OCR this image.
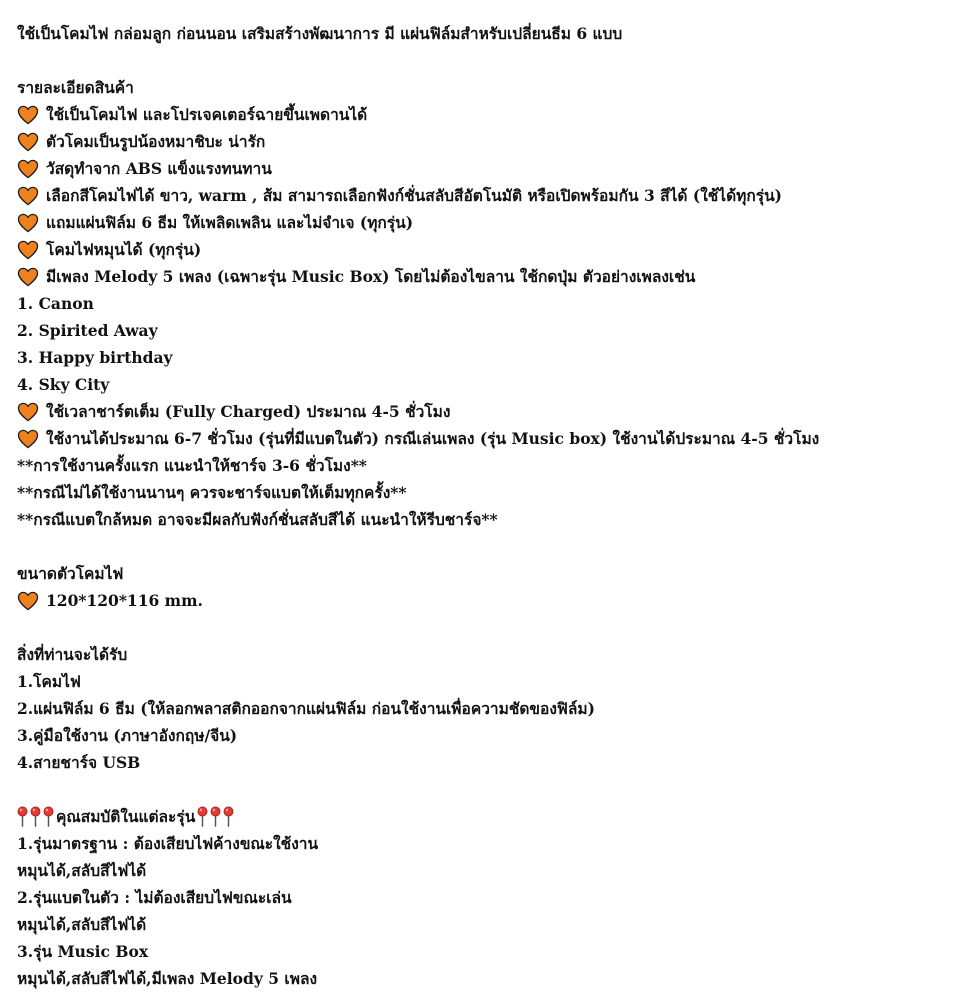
ใช้เป็นโคมไฟ กล่อมลูก ก่อนนอน เสริมสร้างพัฒนาการ มี แผ่นฟิล์มสำหรับเปลี่ยนธีม 6 แบบ
รายละเอียดสินค้า
ใช้เป็นโคมไฟ และโปรเจคเตอร์ฉายขึ้นเพดานได้
ตัวโคมเป็นรูปน้องหมาชิบะ น่ารัก
วัสดุทำจาก ABS แข็งแรงทนทาน
เลือกสีโคมไฟได้ ขาว, warm , ส้ม สามารถเลือกฟังก์ชั่นสลับสีอัตโนมัติ หรือเปิดพร้อมกัน 3 สีได้ (ใช้ได้ทุกรุ่น)
แถมแผ่นฟิล์ม 6 ธีม ให้เพลิดเพลิน และไม่จำเจ (ทุกรุ่น)
โคมไฟหมุนได้ (ทุกรุ่น)
มีเพลง Melody 5 เพลง (เฉพาะรุ่น Music Box) โดยไม่ต้องไขลาน ใช้กดปุ่ม ตัวอย่างเพลงเช่น
1. Canon
2. Spirited Away
3. Happy birthday
4. Sky City
ใช้เวลาชาร์ตเต็ม (Fully Charged) ประมาณ 4-5 ชั่วโมง
ใช้งานได้ประมาณ 6-7 ชั่วโมง (รุ่นที่มีแบตในตัว) กรณีเล่นเพลง (รุ่น Music box) ใช้งานได้ประมาณ 4-5 ชั่วโมง
**การใช้งานครั้งแรก แนะนำให้ชาร์จ 3-6 ชั่วโมง**
**กรณีไม่ได้ใช้งานนานๆ ควรจะชาร์จแบตให้เต็มทุกครั้ง**
**กรณีแบตใกล้หมด อาจจะมีผลกับฟังก์ชั่นสลับสีได้ แนะนำให้รีบชาร์จ**
ขนาดตัวโคมไฟ
120*120*116 mm.
สิ่งที่ท่านจะได้รับ
1.โคมไฟ
2.แผ่นฟิล์ม 6 ธีม (ให้ลอกพลาสติกออกจากแผ่นฟิล์ม ก่อนใช้งานเพื่อความชัดของฟิล์ม)
3.คู่มือใช้งาน (ภาษาอังกฤษ/จีน)
4.สายชาร์จ USB
คุณสมบัติในแต่ละรุ่น
1.รุ่นมาตรฐาน : ต้องเสียบไฟค้างขณะใช้งาน
หมุนได้,สลับสีไฟได้
2.รุ่นแบตในตัว : ไม่ต้องเสียบไฟขณะเล่น
หมุนได้,สลับสีไฟได้
3.รุ่น Music Box
หมุนได้,สลับสีไฟได้,มีเพลง Melody 5 เพลง
